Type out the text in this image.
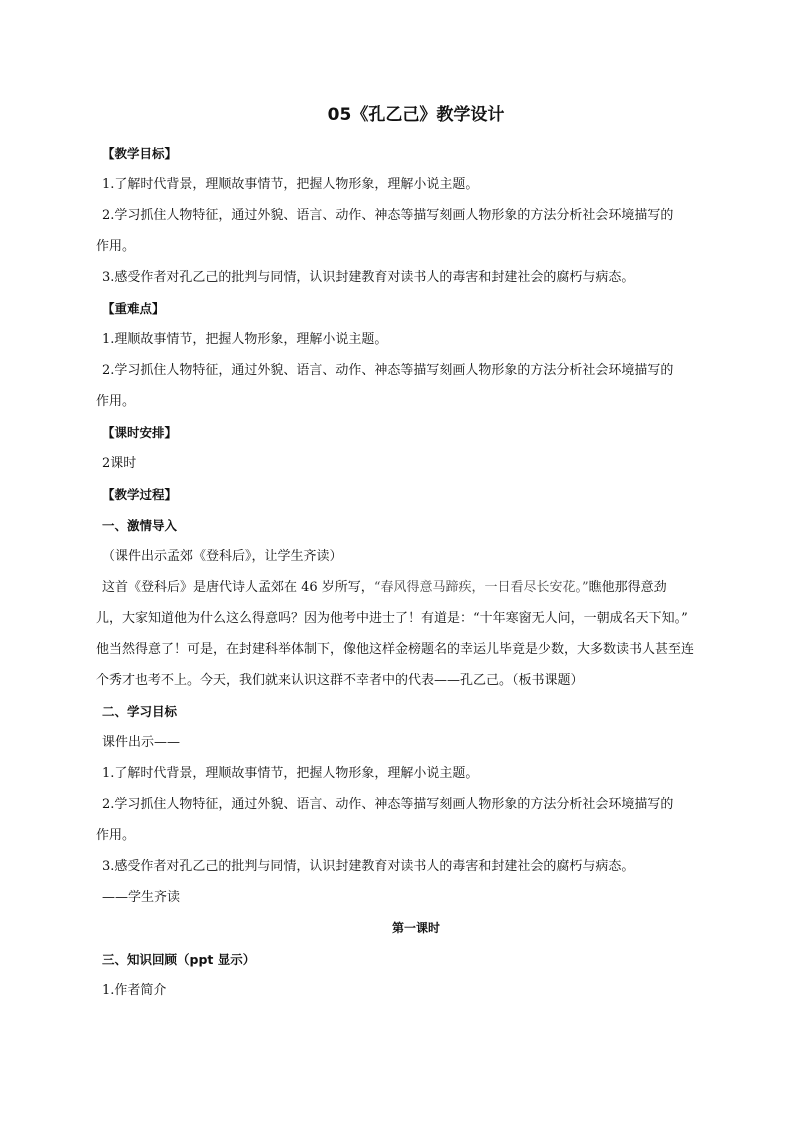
05《孔乙己》教学设计
【教学目标】
1.了解时代背景，理顺故事情节，把握人物形象，理解小说主题。
2.学习抓住人物特征，通过外貌、语言、动作、神态等描写刻画人物形象的方法分析社会环境描写的
作用。
3.感受作者对孔乙己的批判与同情，认识封建教育对读书人的毒害和封建社会的腐朽与病态。
【重难点】
1.理顺故事情节，把握人物形象，理解小说主题。
2.学习抓住人物特征，通过外貌、语言、动作、神态等描写刻画人物形象的方法分析社会环境描写的
作用。
【课时安排】
2课时
【教学过程】
一、激情导入
（课件出示孟郊《登科后》，让学生齐读）
这首《登科后》是唐代诗人孟郊在 46 岁所写，“春风得意马蹄疾，一日看尽长安花。”瞧他那得意劲
儿，大家知道他为什么这么得意吗？因为他考中进士了！有道是：“十年寒窗无人问，一朝成名天下知。”
他当然得意了！可是，在封建科举体制下，像他这样金榜题名的幸运儿毕竟是少数，大多数读书人甚至连
个秀才也考不上。今天，我们就来认识这群不幸者中的代表——孔乙己。（板书课题）
二、学习目标
课件出示——
1.了解时代背景，理顺故事情节，把握人物形象，理解小说主题。
2.学习抓住人物特征，通过外貌、语言、动作、神态等描写刻画人物形象的方法分析社会环境描写的
作用。
3.感受作者对孔乙己的批判与同情，认识封建教育对读书人的毒害和封建社会的腐朽与病态。
——学生齐读
第一课时
三、知识回顾（ppt 显示）
1.作者简介
